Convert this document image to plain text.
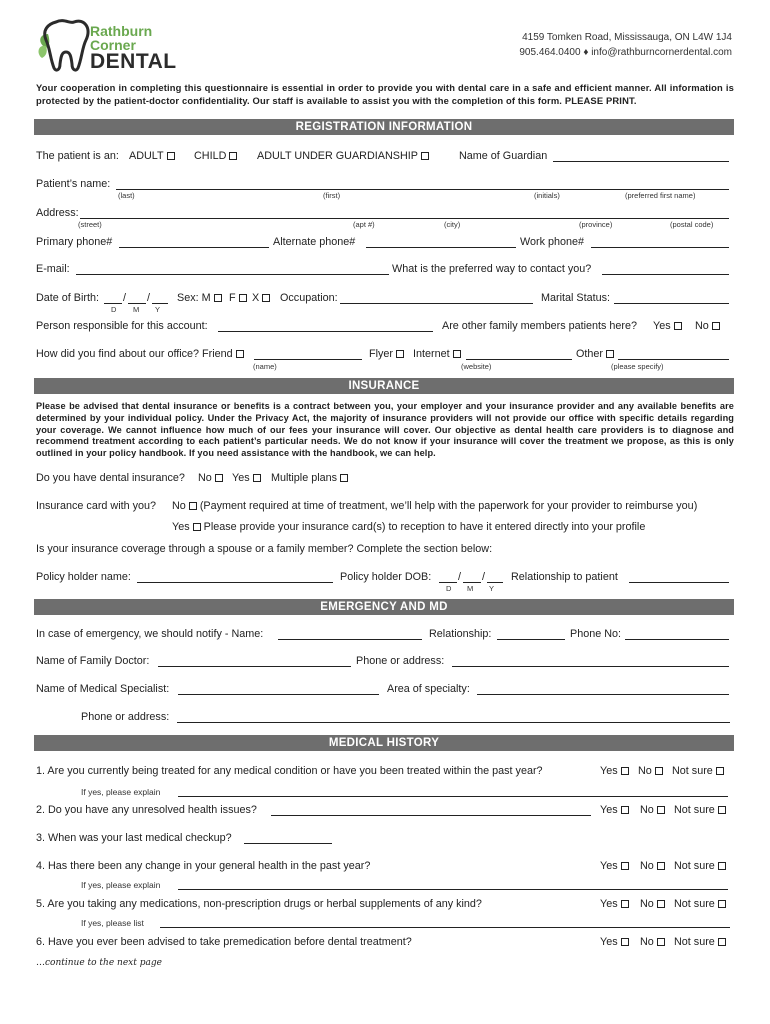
Rathburn
Corner
DENTAL
4159 Tomken Road, Mississauga, ON L4W 1J4
905.464.0400 ♦ info@rathburncornerdental.com
Your cooperation in completing this questionnaire is essential in order to provide you with dental care in a safe and efficient manner. All information is protected by the patient-doctor confidentiality. Our staff is available to assist you with the completion of this form. PLEASE PRINT.
REGISTRATION INFORMATION
The patient is an: ADULT	CHILD	ADULT UNDER GUARDIANSHIP	Name of Guardian
Patient’s name:
(last)	(first)	(initials)	(preferred first name)
Address:
(street)	(apt #)	(city)	(province)	(postal code)
Primary phone#	Alternate phone#	Work phone#
E-mail:	What is the preferred way to contact you?
Date of Birth: / /
D M Y
Sex: M	F	X	Occupation:	Marital Status:
Person responsible for this account:	Are other family members patients here? Yes	No
How did you find about our office? Friend
(name)
Flyer	Internet
(website)
Other
(please specify)
INSURANCE
Please be advised that dental insurance or benefits is a contract between you, your employer and your insurance provider and any available benefits are determined by your individual policy. Under the Privacy Act, the majority of insurance providers will not provide our office with specific details regarding your coverage. We cannot influence how much of our fees your insurance will cover. Our objective as dental health care providers is to diagnose and recommend treatment according to each patient’s particular needs. We do not know if your insurance will cover the treatment we propose, as this is only outlined in your policy handbook. If you need assistance with the handbook, we can help.
Do you have dental insurance? No	Yes	Multiple plans
Insurance card with you? No (Payment required at time of treatment, we’ll help with the paperwork for your provider to reimburse you)
Yes Please provide your insurance card(s) to reception to have it entered directly into your profile
Is your insurance coverage through a spouse or a family member? Complete the section below:
Policy holder name:	Policy holder DOB: / /
D M Y
Relationship to patient
EMERGENCY AND MD
In case of emergency, we should notify - Name:	Relationship:	Phone No:
Name of Family Doctor:	Phone or address:
Name of Medical Specialist:	Area of specialty:
Phone or address:
MEDICAL HISTORY
1. Are you currently being treated for any medical condition or have you been treated within the past year?	Yes	No	Not sure
If yes, please explain
2. Do you have any unresolved health issues?	Yes	No	Not sure
3. When was your last medical checkup?
4. Has there been any change in your general health in the past year?	Yes	No	Not sure
If yes, please explain
5. Are you taking any medications, non-prescription drugs or herbal supplements of any kind?	Yes	No	Not sure
If yes, please list
6. Have you ever been advised to take premedication before dental treatment?	Yes	No	Not sure
…continue to the next page
